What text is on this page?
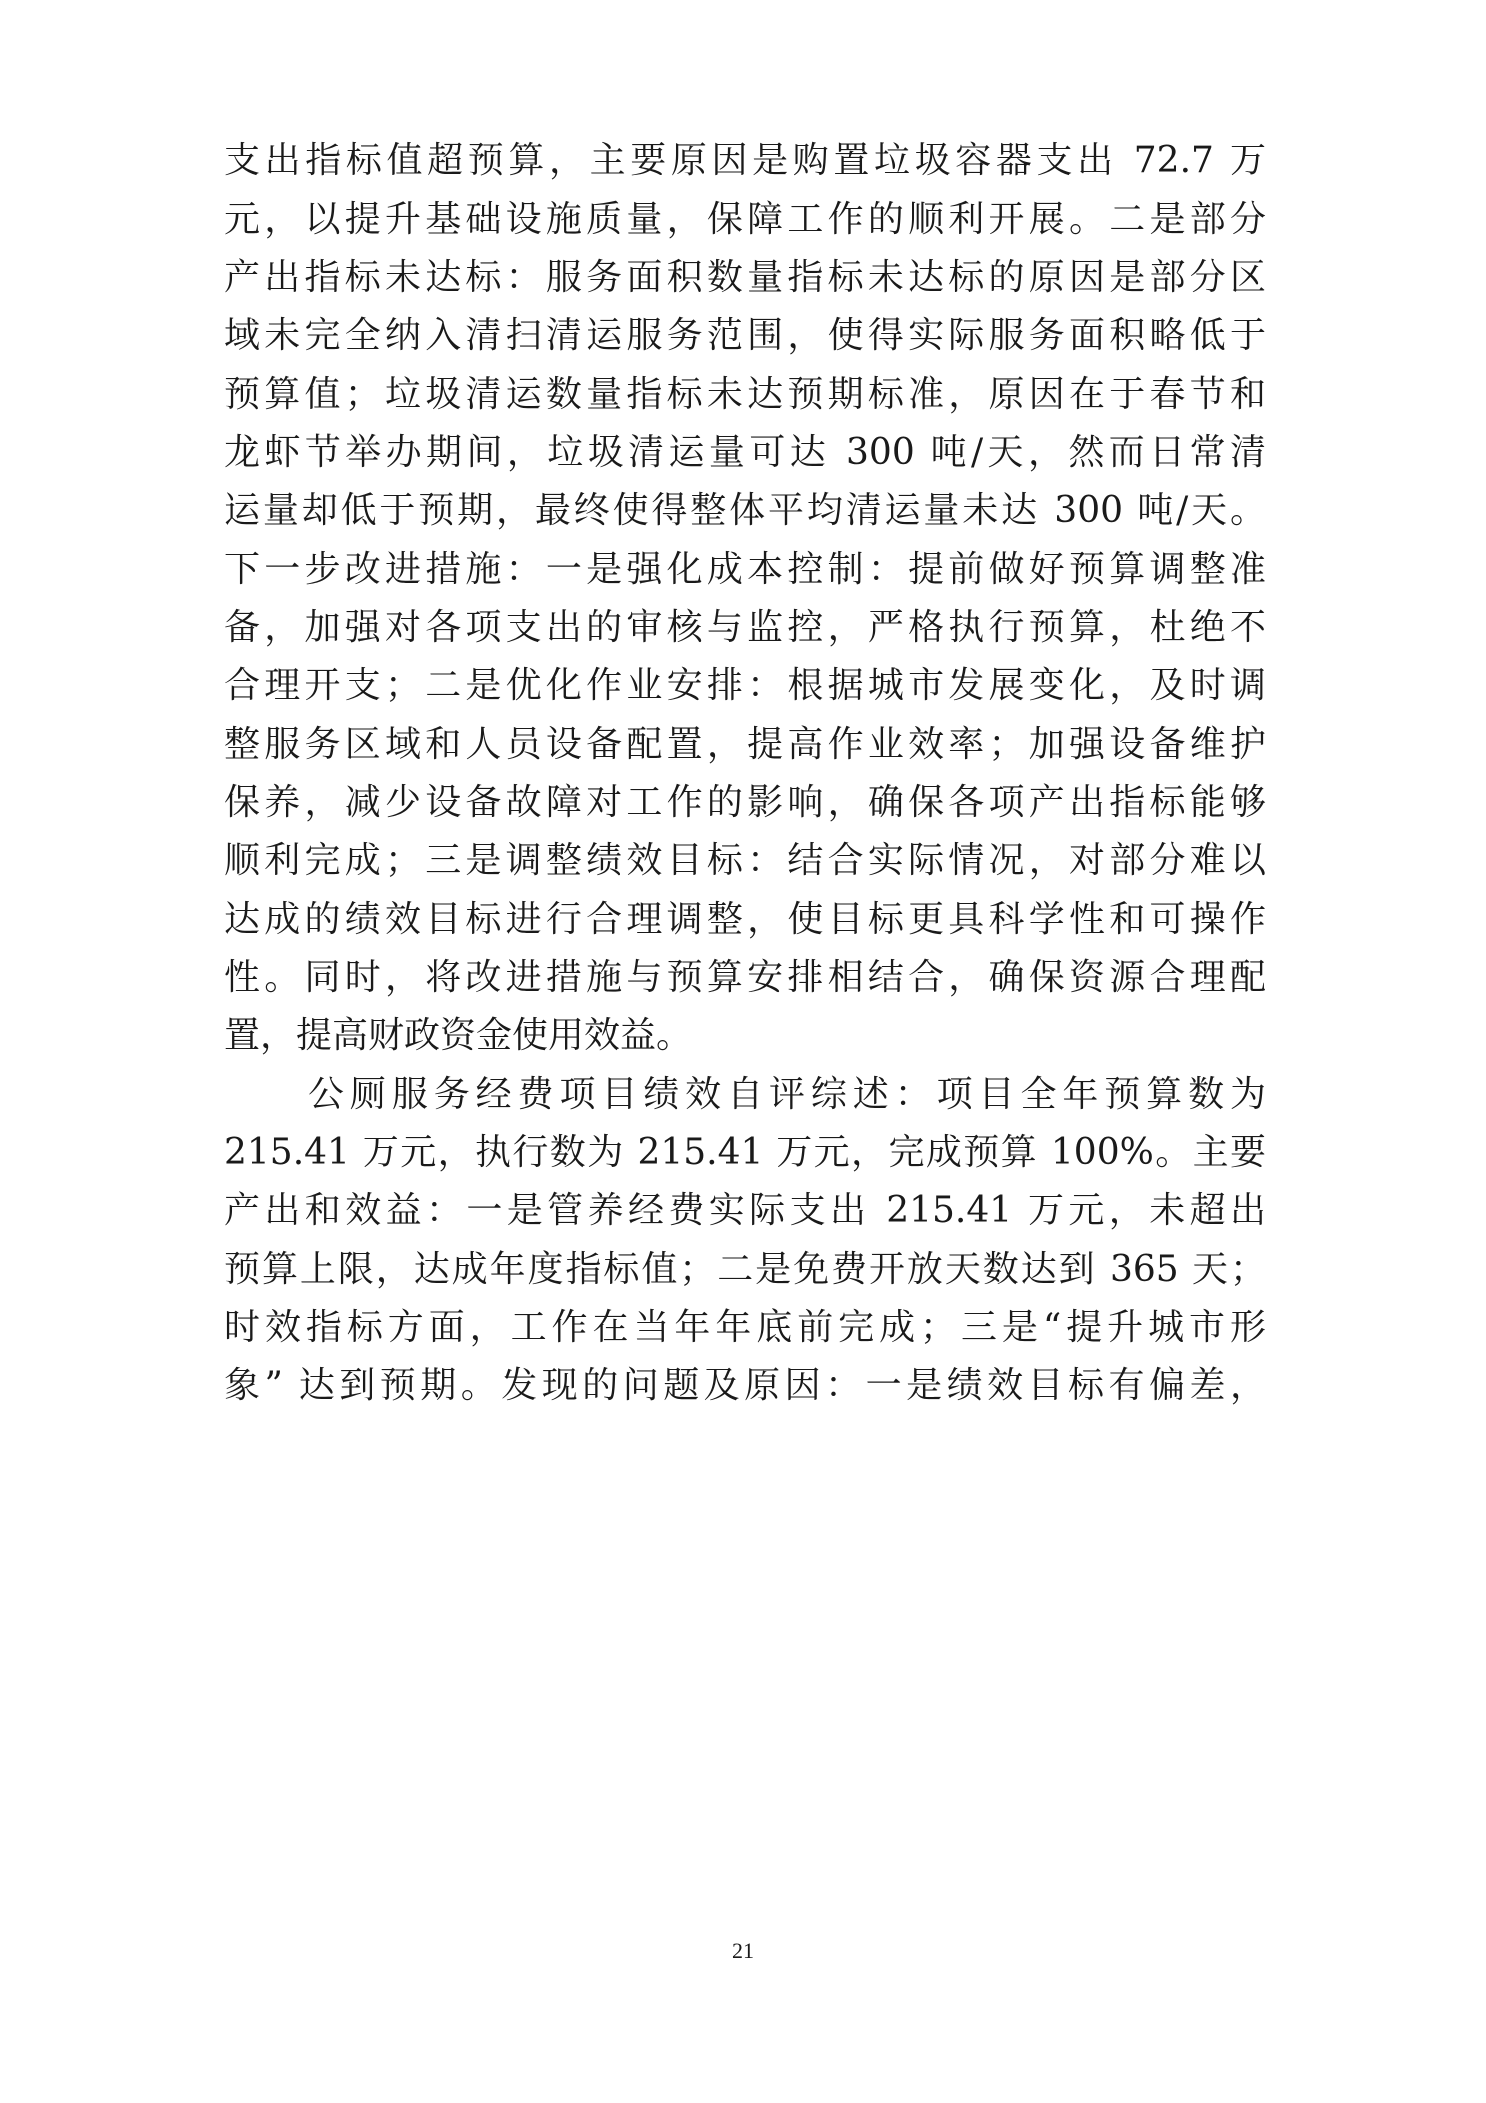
支出指标值超预算，主要原因是购置垃圾容器支出 72.7 万
元，以提升基础设施质量，保障工作的顺利开展。二是部分
产出指标未达标：服务面积数量指标未达标的原因是部分区
域未完全纳入清扫清运服务范围，使得实际服务面积略低于
预算值；垃圾清运数量指标未达预期标准，原因在于春节和
龙虾节举办期间，垃圾清运量可达 300 吨/天，然而日常清
运量却低于预期，最终使得整体平均清运量未达 300 吨/天。
下一步改进措施：一是强化成本控制：提前做好预算调整准
备，加强对各项支出的审核与监控，严格执行预算，杜绝不
合理开支；二是优化作业安排：根据城市发展变化，及时调
整服务区域和人员设备配置，提高作业效率；加强设备维护
保养，减少设备故障对工作的影响，确保各项产出指标能够
顺利完成；三是调整绩效目标：结合实际情况，对部分难以
达成的绩效目标进行合理调整，使目标更具科学性和可操作
性。同时，将改进措施与预算安排相结合，确保资源合理配
置，提高财政资金使用效益。
公厕服务经费项目绩效自评综述：项目全年预算数为
215.41 万元，执行数为 215.41 万元，完成预算 100%。主要
产出和效益：一是管养经费实际支出 215.41 万元，未超出
预算上限，达成年度指标值；二是免费开放天数达到 365 天；
时效指标方面，工作在当年年底前完成；三是“提升城市形
象” 达到预期。发现的问题及原因：一是绩效目标有偏差，
21
